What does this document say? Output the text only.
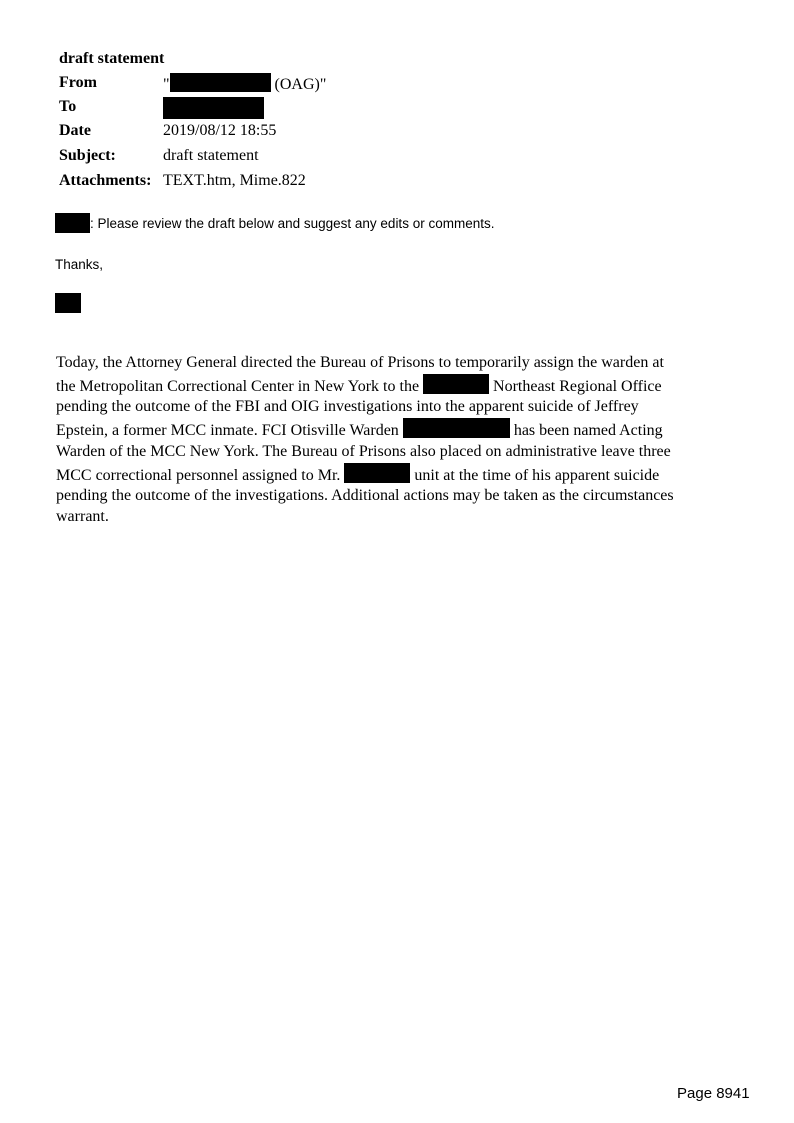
draft statement
From	"	(OAG)"
To
Date	2019/08/12 18:55
Subject:	draft statement
Attachments: TEXT.htm, Mime.822
: Please review the draft below and suggest any edits or comments.
Thanks,
Today, the Attorney General directed the Bureau of Prisons to temporarily assign the warden at
the Metropolitan Correctional Center in New York to the	Northeast Regional Office
pending the outcome of the FBI and OIG investigations into the apparent suicide of Jeffrey
Epstein, a former MCC inmate. FCI Otisville Warden	has been named Acting
Warden of the MCC New York. The Bureau of Prisons also placed on administrative leave three
MCC correctional personnel assigned to Mr.	unit at the time of his apparent suicide
pending the outcome of the investigations. Additional actions may be taken as the circumstances
warrant.
Page 8941
